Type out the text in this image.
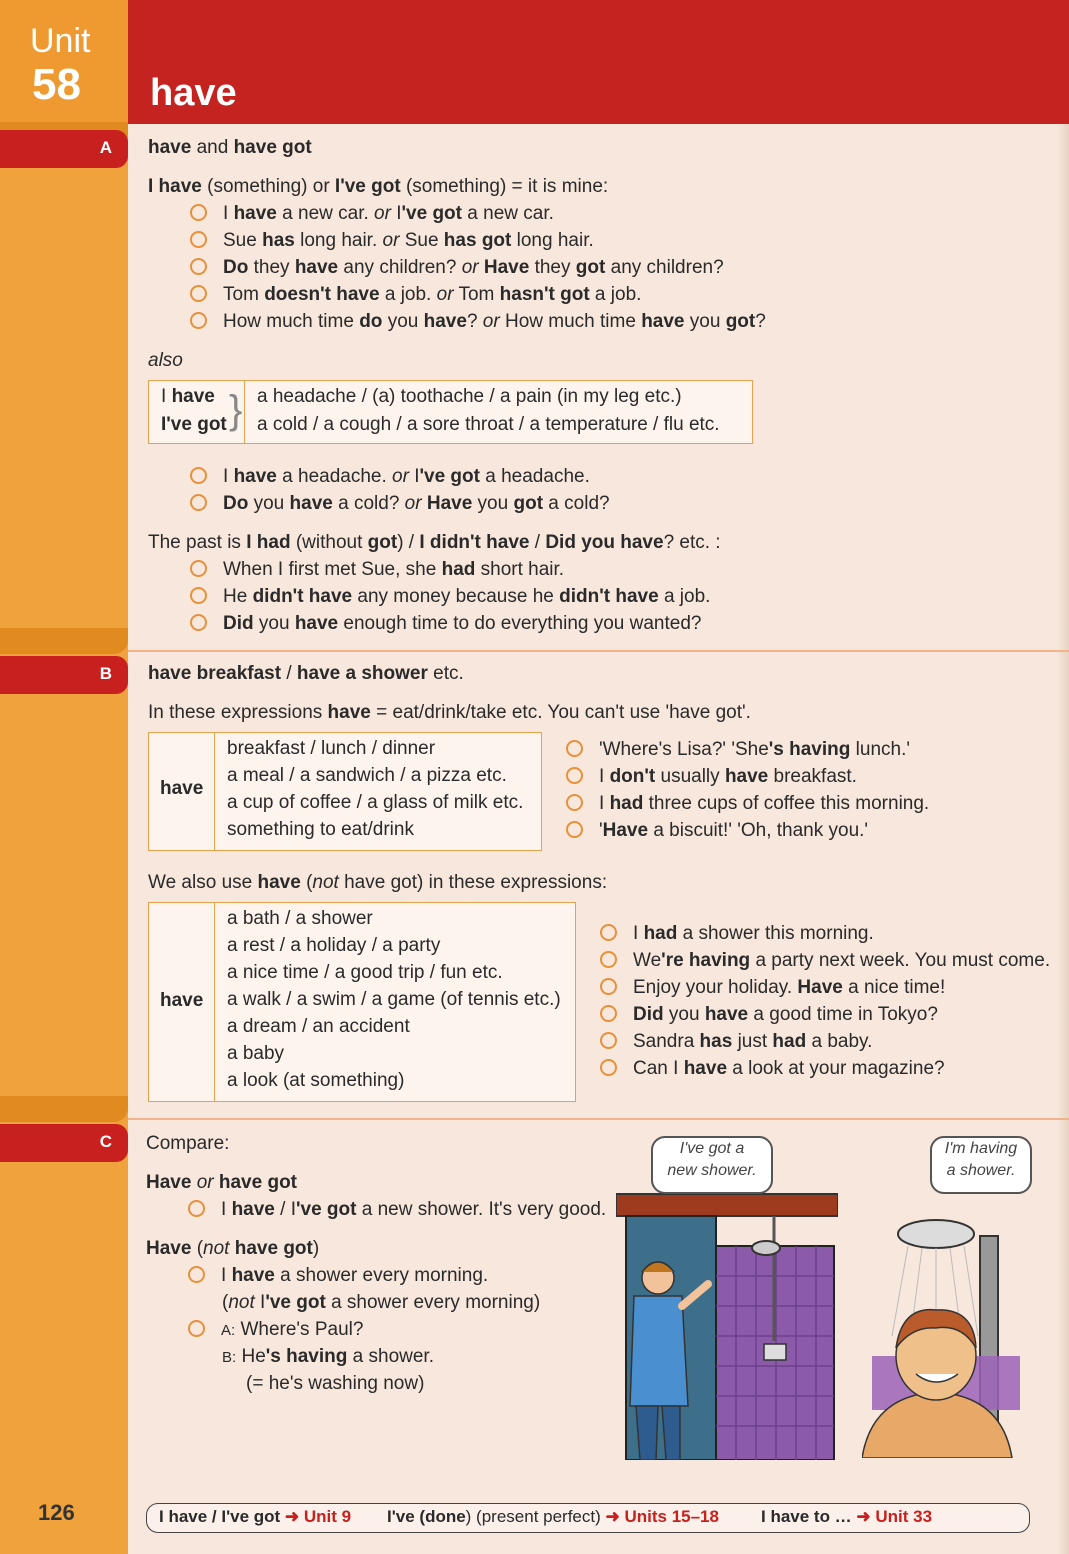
Unit
58
A
B
C
126
have
have and have got
I have (something) or I've got (something) = it is mine:
I have a new car. or I've got a new car.
Sue has long hair. or Sue has got long hair.
Do they have any children? or Have they got any children?
Tom doesn't have a job. or Tom hasn't got a job.
How much time do you have? or How much time have you got?
also
I have
I've got } a headache / (a) toothache / a pain (in my leg etc.)
a cold / a cough / a sore throat / a temperature / flu etc.
I have a headache. or I've got a headache.
Do you have a cold? or Have you got a cold?
The past is I had (without got) / I didn't have / Did you have? etc. :
When I first met Sue, she had short hair.
He didn't have any money because he didn't have a job.
Did you have enough time to do everything you wanted?
have breakfast / have a shower etc.
In these expressions have = eat/drink/take etc. You can't use 'have got'.
have
breakfast / lunch / dinner
a meal / a sandwich / a pizza etc.
a cup of coffee / a glass of milk etc.
something to eat/drink
'Where's Lisa?' 'She's having lunch.'
I don't usually have breakfast.
I had three cups of coffee this morning.
'Have a biscuit!' 'Oh, thank you.'
We also use have (not have got) in these expressions:
have
a bath / a shower
a rest / a holiday / a party
a nice time / a good trip / fun etc.
a walk / a swim / a game (of tennis etc.)
a dream / an accident
a baby
a look (at something)
I had a shower this morning.
We're having a party next week. You must come.
Enjoy your holiday. Have a nice time!
Did you have a good time in Tokyo?
Sandra has just had a baby.
Can I have a look at your magazine?
Compare:
Have or have got
I have / I've got a new shower. It's very good.
Have (not have got)
I have a shower every morning.
(not I've got a shower every morning)
A: Where's Paul?
B: He's having a shower.
(= he's washing now)
I've got a
new shower.
I'm having
a shower.
I have / I've got ➜ Unit 9 I've (done) (present perfect) ➜ Units 15–18 I have to … ➜ Unit 33
